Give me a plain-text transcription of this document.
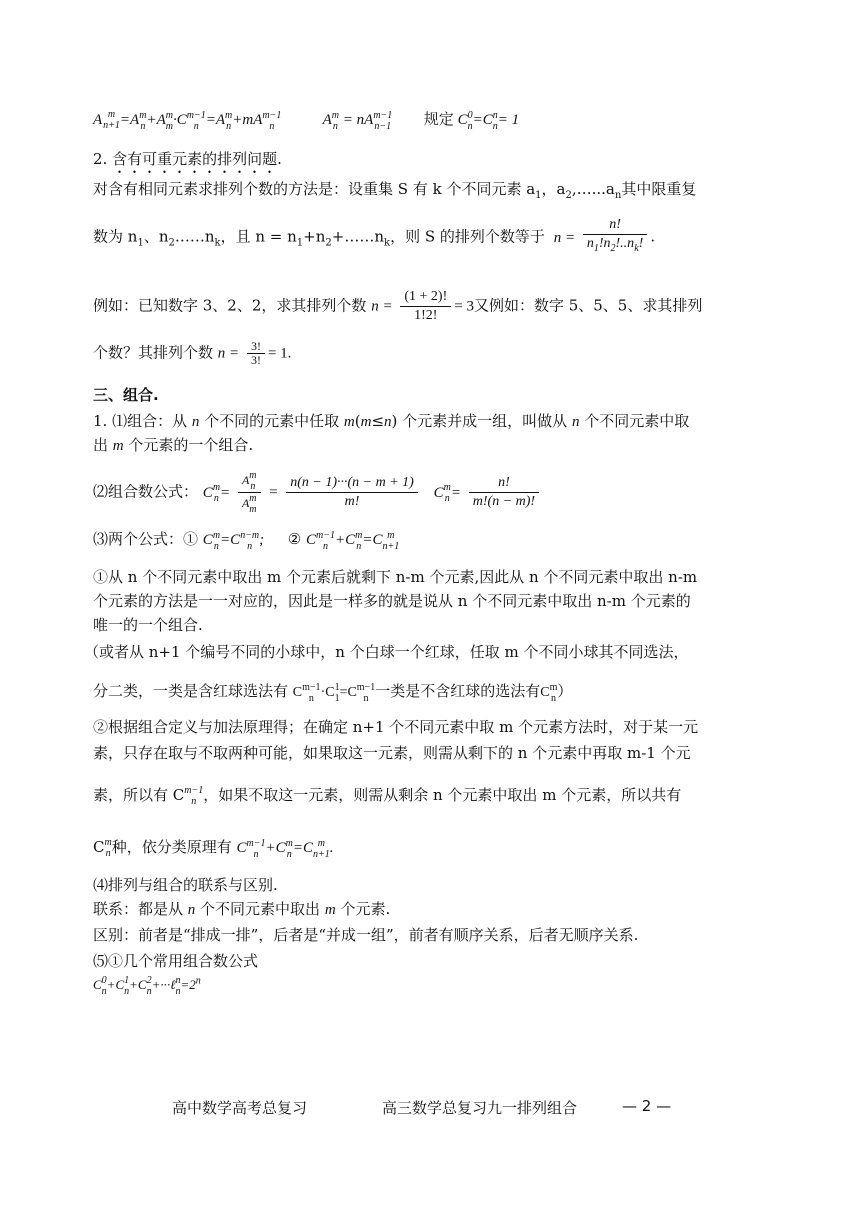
A m
n+1 =A m
n +A m
m ·C m−1
n =A m
n +mA m−1
n	A m
n = nA m−1
n−1 规定 C 0
n =C n
n = 1
2. 含有可重元素的排列问题.
对含有相同元素求排列个数的方法是：设重集 S 有 k 个不同元素 $a_1$，$a_2,\dots...a_n$其中限重复
数为 $n_1$、$n_2\dots\dots n_k$，且 $n = n_1+n_2+\dots\dots n_k$，则 S 的排列个数等于 $n = \frac{n!}{n_1!n_2!..n_k!}$ .
例如：已知数字 3、2、2，求其排列个数 $n = \frac{(1 + 2)!}{1!2!} = 3$又例如：数字 5、5、5、求其排列
个数？其排列个数 $n = \frac{3!}{3!} = 1$.
三、组合.
1. ⑴组合：从 n 个不同的元素中任取 m(m≤n) 个元素并成一组，叫做从 n 个不同元素中取
出 m 个元素的一个组合.
⑵组合数公式： C m
n = A m
n
A m
$m = \frac{n(n - 1)\cdot\cdot\cdot(n - m + 1)}{m!}$ C m
$n = \frac{n!}{m!(n - m)!}$
⑶两个公式：① C m
n =C n−m
n ; ② C m−1
n +C m
n =C m
n+1
①从 n 个不同元素中取出 m 个元素后就剩下 n-m 个元素,因此从 n 个不同元素中取出 n-m
个元素的方法是一一对应的，因此是一样多的就是说从 n 个不同元素中取出 n-m 个元素的
唯一的一个组合.
（或者从 n+1 个编号不同的小球中，n 个白球一个红球，任取 m 个不同小球其不同选法，
分二类，一类是含红球选法有 C m−1
n ·C 1
1 =C m−1
n 一类是不含红球的选法有C m
n ）
②根据组合定义与加法原理得；在确定 n+1 个不同元素中取 m 个元素方法时，对于某一元
素，只存在取与不取两种可能，如果取这一元素，则需从剩下的 n 个元素中再取 m-1 个元
素，所以有 C m−1
n ，如果不取这一元素，则需从剩余 n 个元素中取出 m 个元素，所以共有
C m
n 种，依分类原理有 C m−1
n +C m
n =C m
n+1 .
⑷排列与组合的联系与区别.
联系：都是从 n 个不同元素中取出 m 个元素.
区别：前者是“排成一排”，后者是“并成一组”，前者有顺序关系，后者无顺序关系.
⑸①几个常用组合数公式
C 0
n +C 1
n +C 2
n +···ℓ n
$n =2^n$
高中数学高考总复习	高三数学总复习九一排列组合	— 2 —
